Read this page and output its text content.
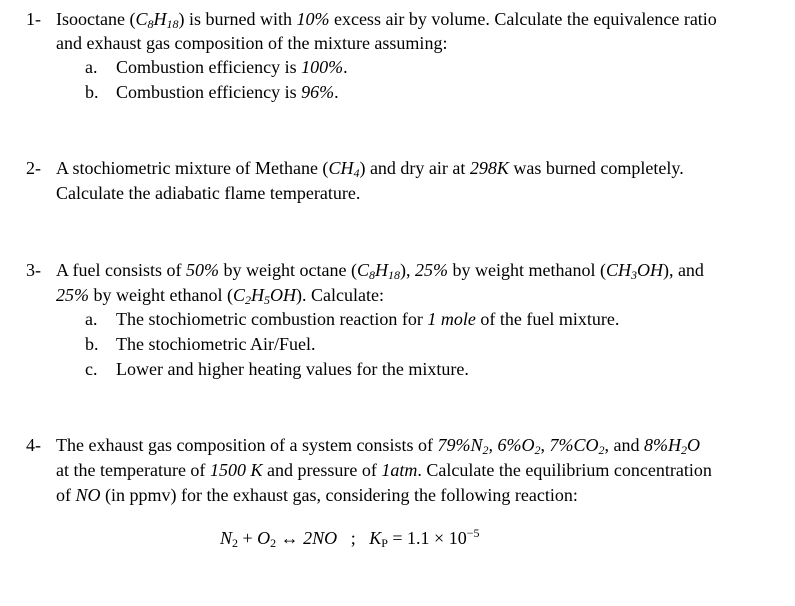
1- Isooctane $(C_8H_{18})$ is burned with 10% excess air by volume. Calculate the equivalence ratio
and exhaust gas composition of the mixture assuming:
a. Combustion efficiency is 100%.
b. Combustion efficiency is 96%.
2- A stochiometric mixture of Methane $(CH_4)$ and dry air at 298K was burned completely.
Calculate the adiabatic flame temperature.
3- A fuel consists of 50% by weight octane $(C_8H_{18})$, 25% by weight methanol $(CH_3OH)$, and
25% by weight ethanol $(C_2H_5OH)$. Calculate:
a. The stochiometric combustion reaction for 1 mole of the fuel mixture.
b. The stochiometric Air/Fuel.
c. Lower and higher heating values for the mixture.
4- The exhaust gas composition of a system consists of $79\%N_2$, $6\%O_2$, $7\%CO_2$, and $8\%H_2O$
at the temperature of 1500 K and pressure of 1atm. Calculate the equilibrium concentration
of NO (in ppmv) for the exhaust gas, considering the following reaction:
$N_2 + O_2$ ↔ 2NO   ;   $K_P = 1.1 \times 10^{-5}$
